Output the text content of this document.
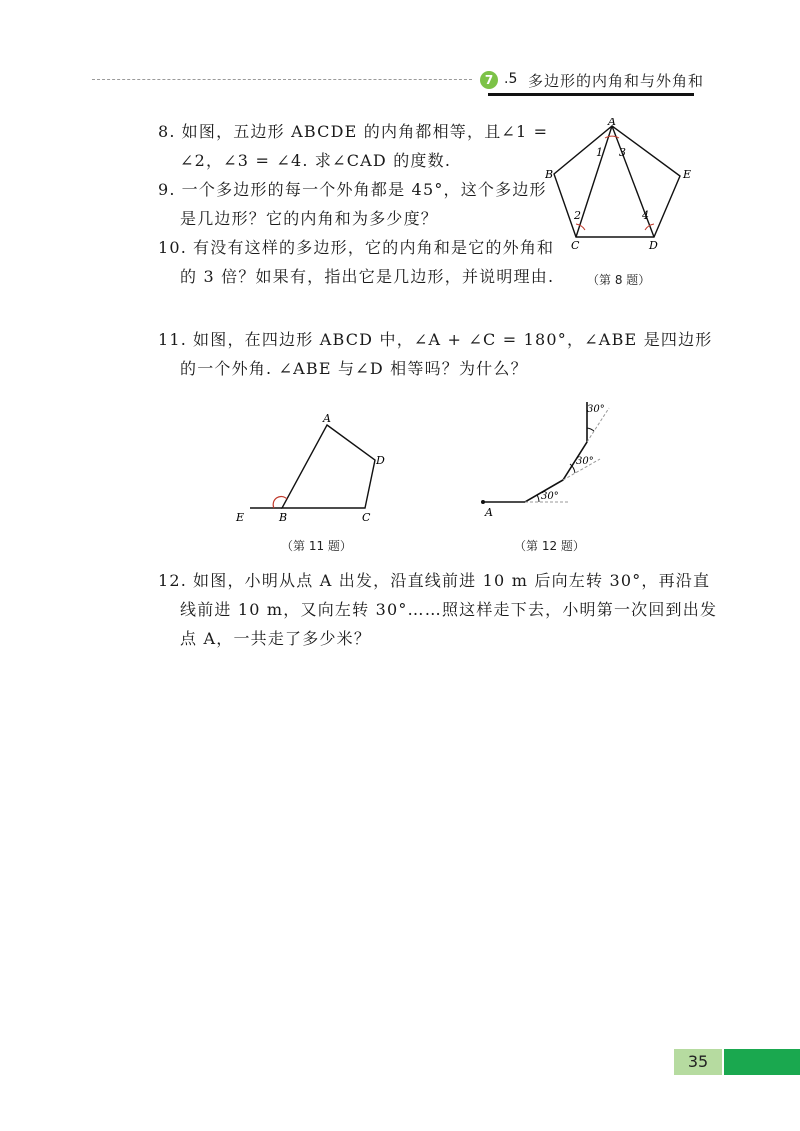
7 .5 多边形的内角和与外角和
8. 如图，五边形 ABCDE 的内角都相等，且∠1 = ∠2，∠3 = ∠4. 求∠CAD 的度数.
9. 一个多边形的每一个外角都是 45°，这个多边形是几边形？它的内角和为多少度？
10. 有没有这样的多边形，它的内角和是它的外角和的 3 倍？如果有，指出它是几边形，并说明理由.
11. 如图，在四边形 ABCD 中，∠A + ∠C = 180°，∠ABE 是四边形的一个外角. ∠ABE 与∠D 相等吗？为什么？
A
E
B
C	D
1 3
2	4
（第 8 题）
A
D
C
B
E
（第 11 题）
30°
30°
30°
A
（第 12 题）
12. 如图，小明从点 A 出发，沿直线前进 10 m 后向左转 30°，再沿直线前进 10 m，又向左转 30°……照这样走下去，小明第一次回到出发点 A，一共走了多少米？
35
